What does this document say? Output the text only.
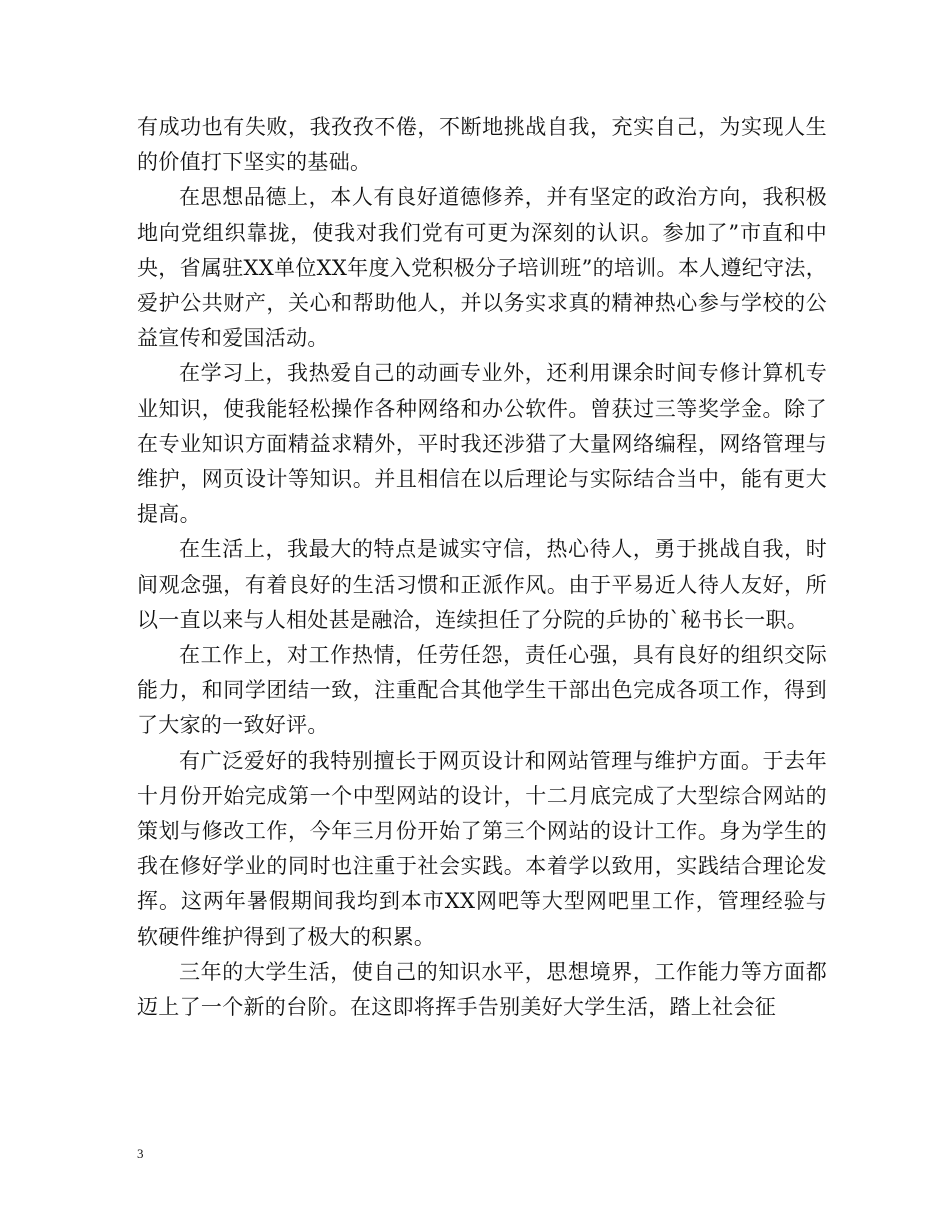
有成功也有失败，我孜孜不倦，不断地挑战自我，充实自己，为实现人生的价值打下坚实的基础。

在思想品德上，本人有良好道德修养，并有坚定的政治方向，我积极地向党组织靠拢，使我对我们党有可更为深刻的认识。参加了”市直和中央，省属驻XX单位XX年度入党积极分子培训班”的培训。本人遵纪守法，爱护公共财产，关心和帮助他人，并以务实求真的精神热心参与学校的公益宣传和爱国活动。

在学习上，我热爱自己的动画专业外，还利用课余时间专修计算机专业知识，使我能轻松操作各种网络和办公软件。曾获过三等奖学金。除了在专业知识方面精益求精外，平时我还涉猎了大量网络编程，网络管理与维护，网页设计等知识。并且相信在以后理论与实际结合当中，能有更大提高。

在生活上，我最大的特点是诚实守信，热心待人，勇于挑战自我，时间观念强，有着良好的生活习惯和正派作风。由于平易近人待人友好，所以一直以来与人相处甚是融洽，连续担任了分院的乒协的`秘书长一职。

在工作上，对工作热情，任劳任怨，责任心强，具有良好的组织交际能力，和同学团结一致，注重配合其他学生干部出色完成各项工作，得到了大家的一致好评。

有广泛爱好的我特别擅长于网页设计和网站管理与维护方面。于去年十月份开始完成第一个中型网站的设计，十二月底完成了大型综合网站的策划与修改工作，今年三月份开始了第三个网站的设计工作。身为学生的我在修好学业的同时也注重于社会实践。本着学以致用，实践结合理论发挥。这两年暑假期间我均到本市XX网吧等大型网吧里工作，管理经验与软硬件维护得到了极大的积累。

三年的大学生活，使自己的知识水平，思想境界，工作能力等方面都迈上了一个新的台阶。在这即将挥手告别美好大学生活，踏上社会征

3
